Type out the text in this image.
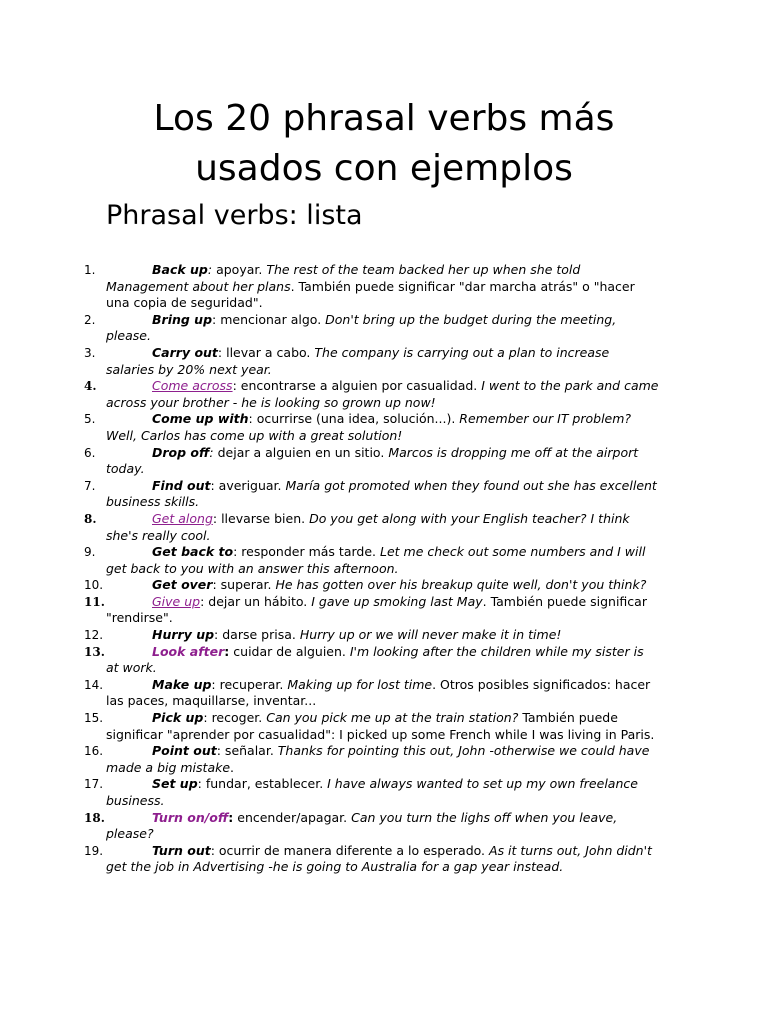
Los 20 phrasal verbs más
usados con ejemplos
Phrasal verbs: lista
1.	Back up: apoyar. The rest of the team backed her up when she told Management about her plans. También puede significar "dar marcha atrás" o "hacer una copia de seguridad".
2.	Bring up: mencionar algo. Don't bring up the budget during the meeting, please.
3.	Carry out: llevar a cabo. The company is carrying out a plan to increase salaries by 20% next year.
4.	Come across: encontrarse a alguien por casualidad. I went to the park and came across your brother - he is looking so grown up now!
5.	Come up with: ocurrirse (una idea, solución...). Remember our IT problem? Well, Carlos has come up with a great solution!
6.	Drop off: dejar a alguien en un sitio. Marcos is dropping me off at the airport today.
7.	Find out: averiguar. María got promoted when they found out she has excellent business skills.
8.	Get along: llevarse bien. Do you get along with your English teacher? I think she's really cool.
9.	Get back to: responder más tarde. Let me check out some numbers and I will get back to you with an answer this afternoon.
10.	Get over: superar. He has gotten over his breakup quite well, don't you think?
11.	Give up: dejar un hábito. I gave up smoking last May. También puede significar "rendirse".
12.	Hurry up: darse prisa. Hurry up or we will never make it in time!
13.	Look after: cuidar de alguien. I'm looking after the children while my sister is at work.
14.	Make up: recuperar. Making up for lost time. Otros posibles significados: hacer las paces, maquillarse, inventar...
15.	Pick up: recoger. Can you pick me up at the train station? También puede significar "aprender por casualidad": I picked up some French while I was living in Paris.
16.	Point out: señalar. Thanks for pointing this out, John -otherwise we could have made a big mistake.
17.	Set up: fundar, establecer. I have always wanted to set up my own freelance business.
18.	Turn on/off: encender/apagar. Can you turn the lighs off when you leave, please?
19.	Turn out: ocurrir de manera diferente a lo esperado. As it turns out, John didn't get the job in Advertising -he is going to Australia for a gap year instead.
